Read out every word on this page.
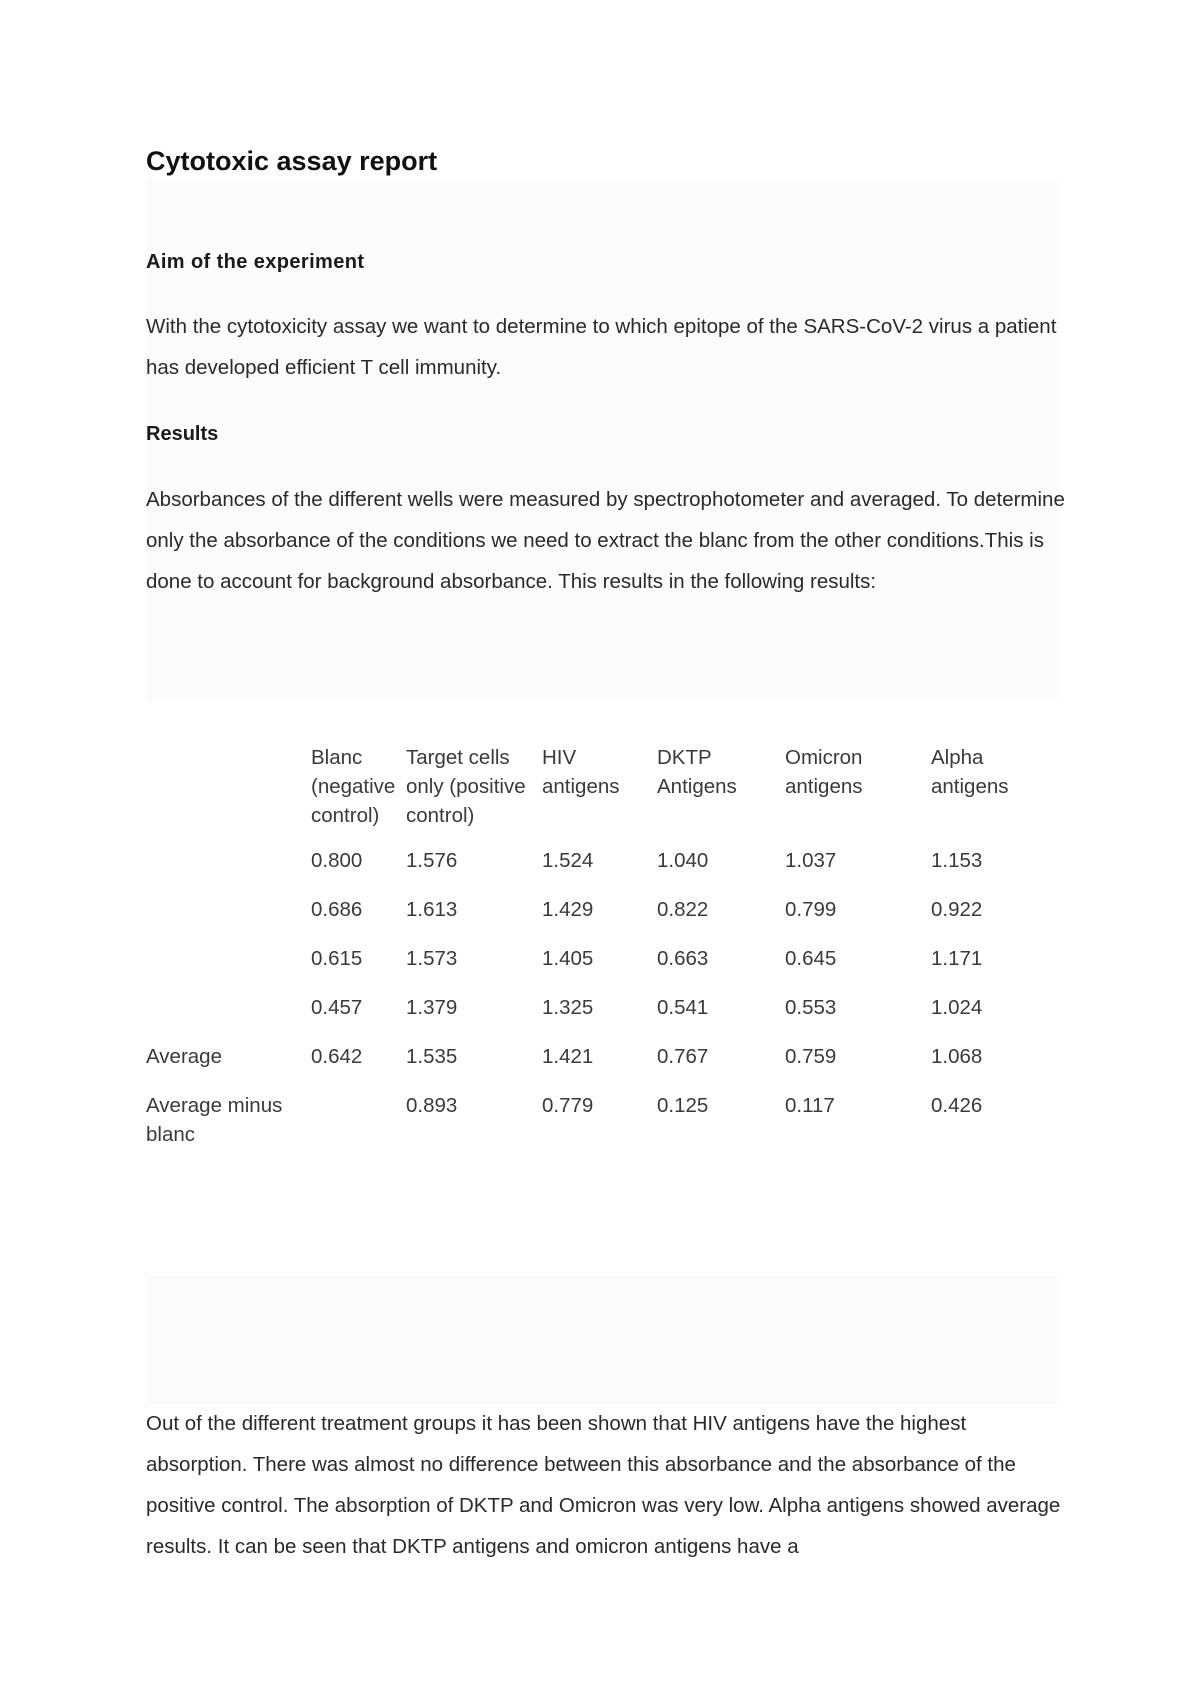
Cytotoxic assay report
Aim of the experiment

With the cytotoxicity assay we want to determine to which epitope of the SARS-CoV-2 virus a patient has developed efficient T cell immunity.

Results

Absorbances of the different wells were measured by spectrophotometer and averaged. To determine only the absorbance of the conditions we need to extract the blanc from the other conditions.This is done to account for background absorbance. This results in the following results:

	Blanc (negative control)	Target cells only (positive control)	HIV antigens	DKTP Antigens	Omicron antigens	Alpha antigens
	0.800	1.576	1.524	1.040	1.037	1.153
	0.686	1.613	1.429	0.822	0.799	0.922
	0.615	1.573	1.405	0.663	0.645	1.171
	0.457	1.379	1.325	0.541	0.553	1.024
Average	0.642	1.535	1.421	0.767	0.759	1.068
Average minus blanc		0.893	0.779	0.125	0.117	0.426

Out of the different treatment groups it has been shown that HIV antigens have the highest absorption. There was almost no difference between this absorbance and the absorbance of the positive control. The absorption of DKTP and Omicron was very low. Alpha antigens showed average results. It can be seen that DKTP antigens and omicron antigens have a
